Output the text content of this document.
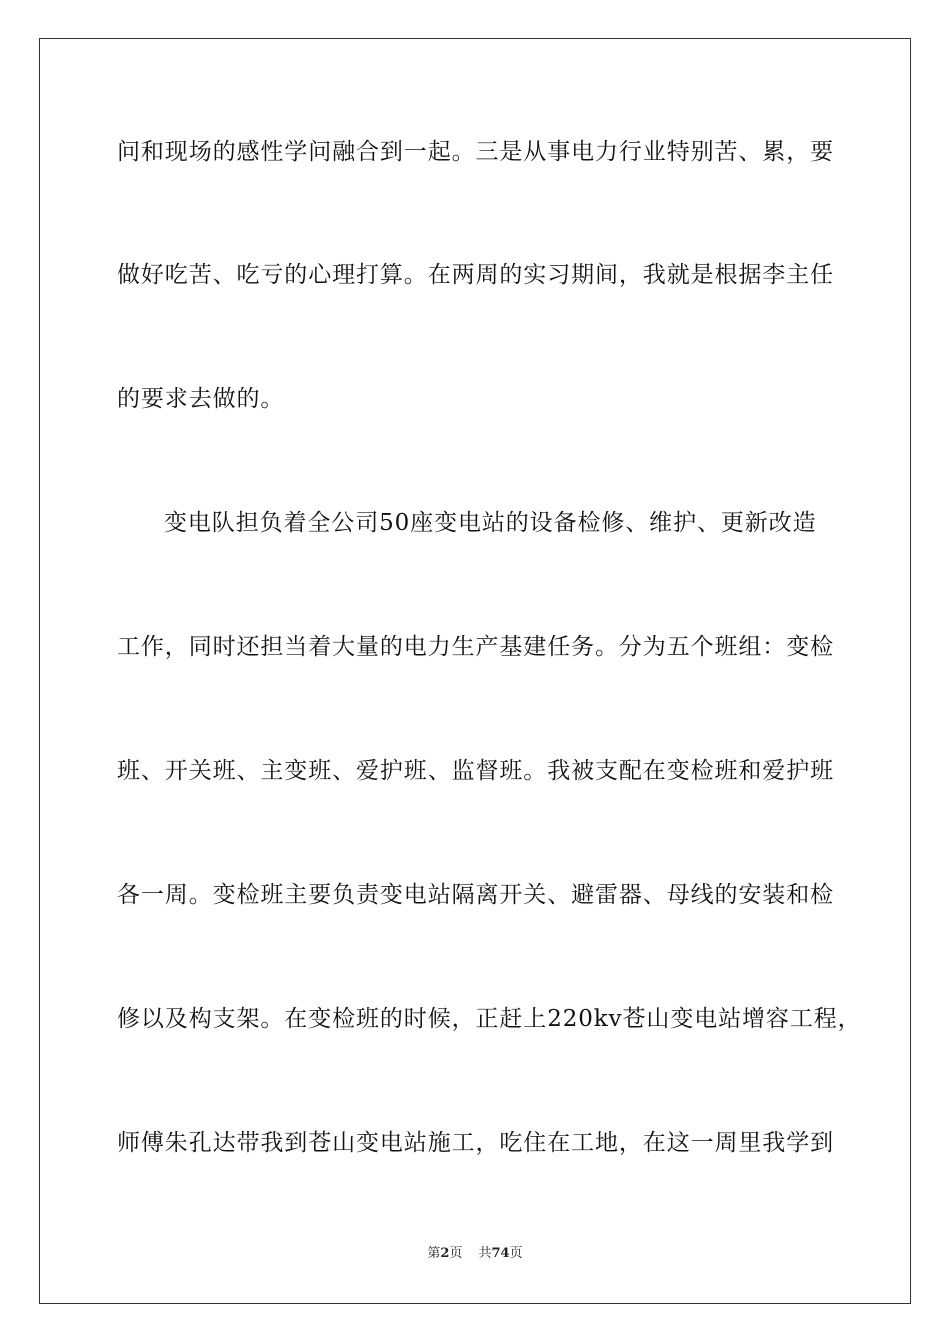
问和现场的感性学问融合到一起。三是从事电力行业特别苦、累，要

做好吃苦、吃亏的心理打算。在两周的实习期间，我就是根据李主任

的要求去做的。

变电队担负着全公司50座变电站的设备检修、维护、更新改造

工作，同时还担当着大量的电力生产基建任务。分为五个班组：变检

班、开关班、主变班、爱护班、监督班。我被支配在变检班和爱护班

各一周。变检班主要负责变电站隔离开关、避雷器、母线的安装和检

修以及构支架。在变检班的时候，正赶上220kv苍山变电站增容工程，

师傅朱孔达带我到苍山变电站施工，吃住在工地，在这一周里我学到

第2页 共74页
